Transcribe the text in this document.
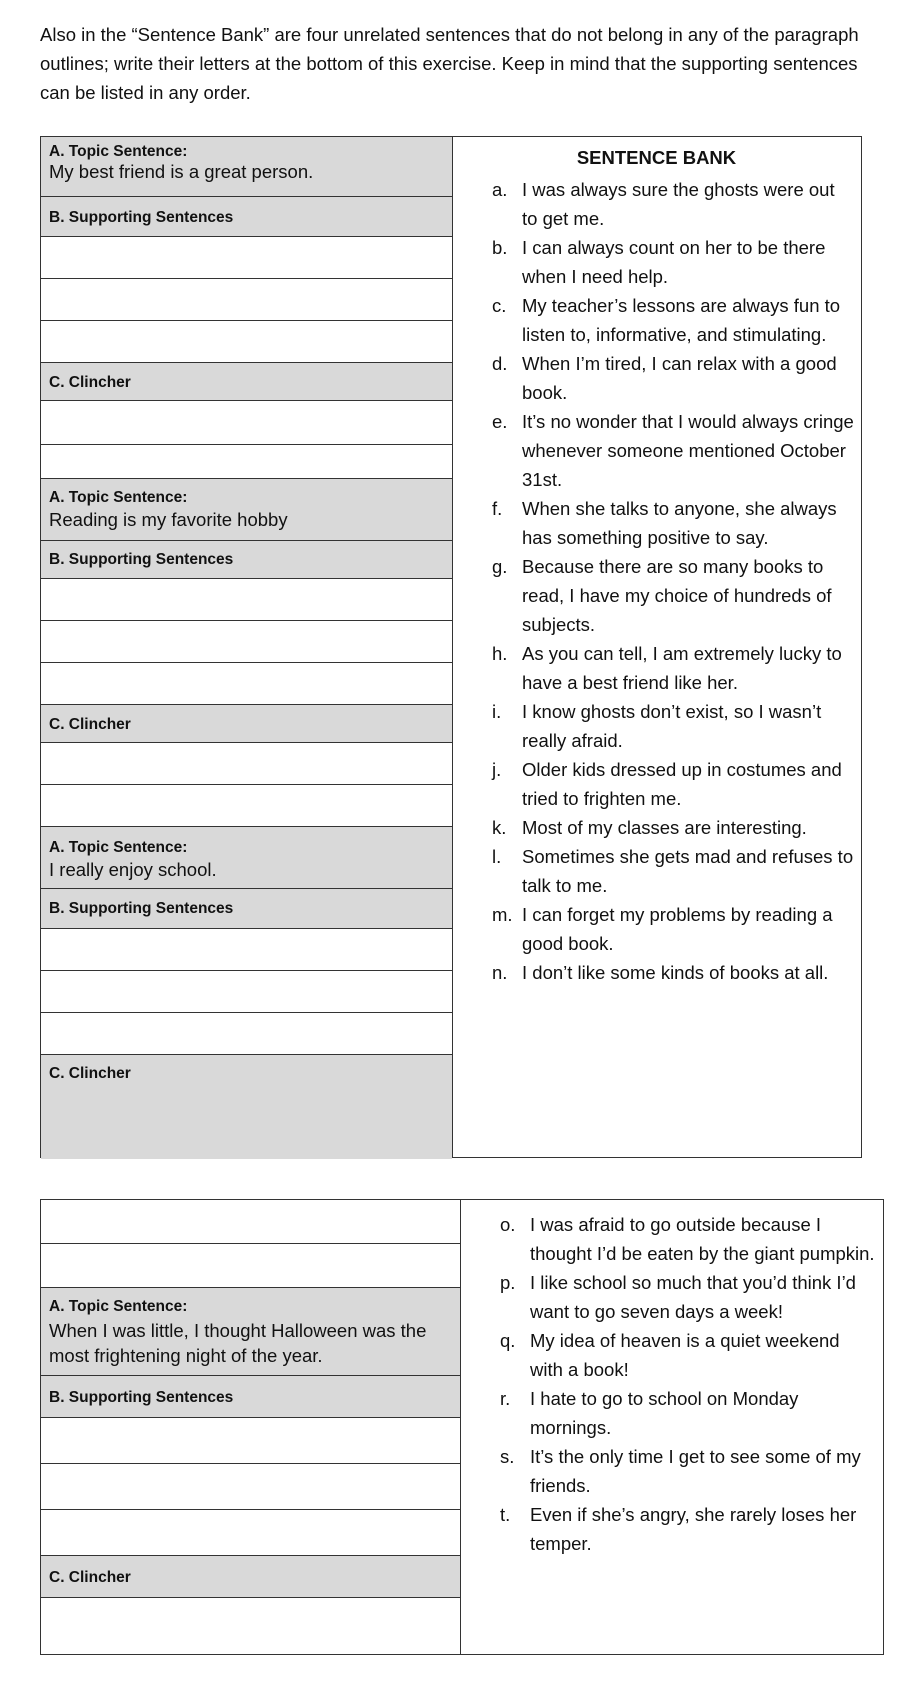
Also in the “Sentence Bank” are four unrelated sentences that do not belong in any of the paragraph outlines; write their letters at the bottom of this exercise. Keep in mind that the supporting sentences can be listed in any order.

A. Topic Sentence:
My best friend is a great person.
B. Supporting Sentences
C. Clincher
A. Topic Sentence:
Reading is my favorite hobby
B. Supporting Sentences
C. Clincher
A. Topic Sentence:
I really enjoy school.
B. Supporting Sentences
C. Clincher
SENTENCE BANK
a. I was always sure the ghosts were out to get me.
b. I can always count on her to be there when I need help.
c. My teacher’s lessons are always fun to listen to, informative, and stimulating.
d. When I’m tired, I can relax with a good book.
e. It’s no wonder that I would always cringe whenever someone mentioned October 31st.
f. When she talks to anyone, she always has something positive to say.
g. Because there are so many books to read, I have my choice of hundreds of subjects.
h. As you can tell, I am extremely lucky to have a best friend like her.
i. I know ghosts don’t exist, so I wasn’t really afraid.
j. Older kids dressed up in costumes and tried to frighten me.
k. Most of my classes are interesting.
l. Sometimes she gets mad and refuses to talk to me.
m. I can forget my problems by reading a good book.
n. I don’t like some kinds of books at all.
A. Topic Sentence:
When I was little, I thought Halloween was the most frightening night of the year.
B. Supporting Sentences
C. Clincher
o. I was afraid to go outside because I thought I’d be eaten by the giant pumpkin.
p. I like school so much that you’d think I’d want to go seven days a week!
q. My idea of heaven is a quiet weekend with a book!
r. I hate to go to school on Monday mornings.
s. It’s the only time I get to see some of my friends.
t. Even if she’s angry, she rarely loses her temper.
